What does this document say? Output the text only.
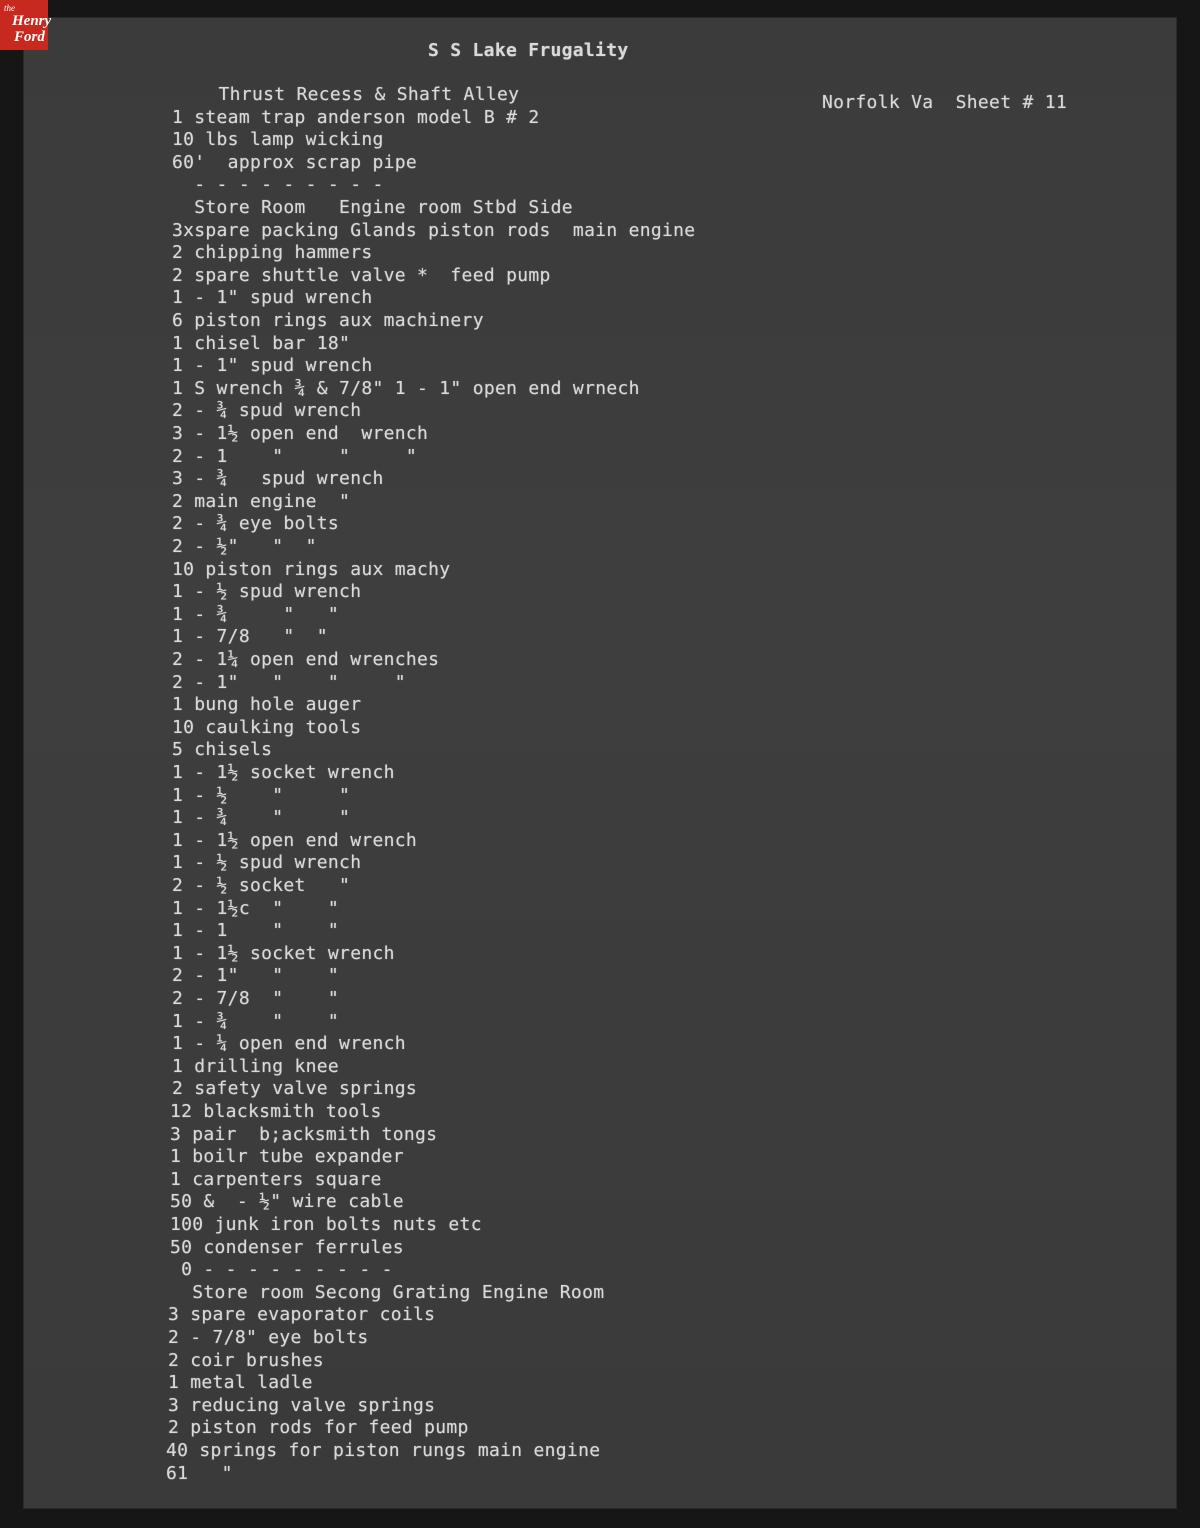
the
Henry
Ford
S S Lake Frugality
Norfolk Va  Sheet # 11
Thrust Recess & Shaft Alley
1 steam trap anderson model B # 2
10 lbs lamp wicking
60'  approx scrap pipe
- - - - - - - - -
Store Room   Engine room Stbd Side
3xspare packing Glands piston rods  main engine
2 chipping hammers
2 spare shuttle valve *  feed pump
1 - 1" spud wrench
6 piston rings aux machinery
1 chisel bar 18"
1 - 1" spud wrench
1 S wrench ¾ & 7/8" 1 - 1" open end wrnech
2 - ¾ spud wrench
3 - 1½ open end  wrench
2 - 1    "     "     "
3 - ¾   spud wrench
2 main engine  "
2 - ¾ eye bolts
2 - ½"   "  "
10 piston rings aux machy
1 - ½ spud wrench
1 - ¾     "   "
1 - 7/8   "  "
2 - 1¼ open end wrenches
2 - 1"   "    "     "
1 bung hole auger
10 caulking tools
5 chisels
1 - 1½ socket wrench
1 - ½    "     "
1 - ¾    "     "
1 - 1½ open end wrench
1 - ½ spud wrench
2 - ½ socket   "
1 - 1½c  "    "
1 - 1    "    "
1 - 1½ socket wrench
2 - 1"   "    "
2 - 7/8  "    "
1 - ¾    "    "
1 - ¼ open end wrench
1 drilling knee
2 safety valve springs
12 blacksmith tools
3 pair  b;acksmith tongs
1 boilr tube expander
1 carpenters square
50 &  - ½" wire cable
100 junk iron bolts nuts etc
50 condenser ferrules
0 - - - - - - - - -
Store room Secong Grating Engine Room
3 spare evaporator coils
2 - 7/8" eye bolts
2 coir brushes
1 metal ladle
3 reducing valve springs
2 piston rods for feed pump
40 springs for piston rungs main engine
61   "
